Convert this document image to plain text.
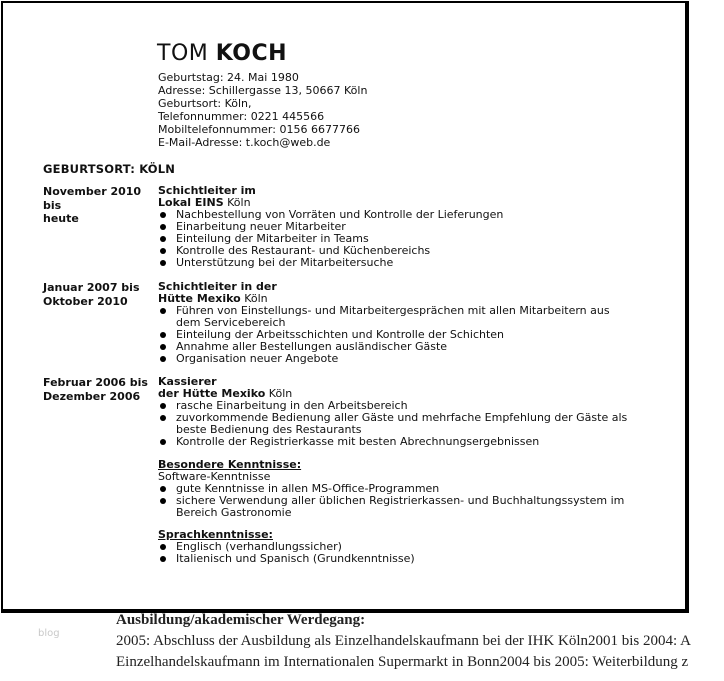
TOM KOCH
Geburtstag: 24. Mai 1980
Adresse: Schillergasse 13, 50667 Köln
Geburtsort: Köln,
Telefonnummer: 0221 445566
Mobiltelefonnummer: 0156 6677766
E-Mail-Adresse: t.koch@web.de
GEBURTSORT: KÖLN
November 2010 bis
heute
Schichtleiter im
Lokal EINS Köln
Nachbestellung von Vorräten und Kontrolle der Lieferungen
Einarbeitung neuer Mitarbeiter
Einteilung der Mitarbeiter in Teams
Kontrolle des Restaurant- und Küchenbereichs
Unterstützung bei der Mitarbeitersuche
Januar 2007 bis
Oktober 2010
Schichtleiter in der
Hütte Mexiko Köln
Führen von Einstellungs- und Mitarbeitergesprächen mit allen Mitarbeitern aus dem Servicebereich
Einteilung der Arbeitsschichten und Kontrolle der Schichten
Annahme aller Bestellungen ausländischer Gäste
Organisation neuer Angebote
Februar 2006 bis
Dezember 2006
Kassierer
der Hütte Mexiko Köln
rasche Einarbeitung in den Arbeitsbereich
zuvorkommende Bedienung aller Gäste und mehrfache Empfehlung der Gäste als beste Bedienung des Restaurants
Kontrolle der Registrierkasse mit besten Abrechnungsergebnissen
Besondere Kenntnisse:
Software-Kenntnisse
gute Kenntnisse in allen MS-Office-Programmen
sichere Verwendung aller üblichen Registrierkassen- und Buchhaltungssystem im Bereich Gastronomie
Sprachkenntnisse:
Englisch (verhandlungssicher)
Italienisch und Spanisch (Grundkenntnisse)
blog
Ausbildung/akademischer Werdegang:
2005: Abschluss der Ausbildung als Einzelhandelskaufmann bei der IHK Köln2001 bis 2004: A
Einzelhandelskaufmann im Internationalen Supermarkt in Bonn2004 bis 2005: Weiterbildung z
